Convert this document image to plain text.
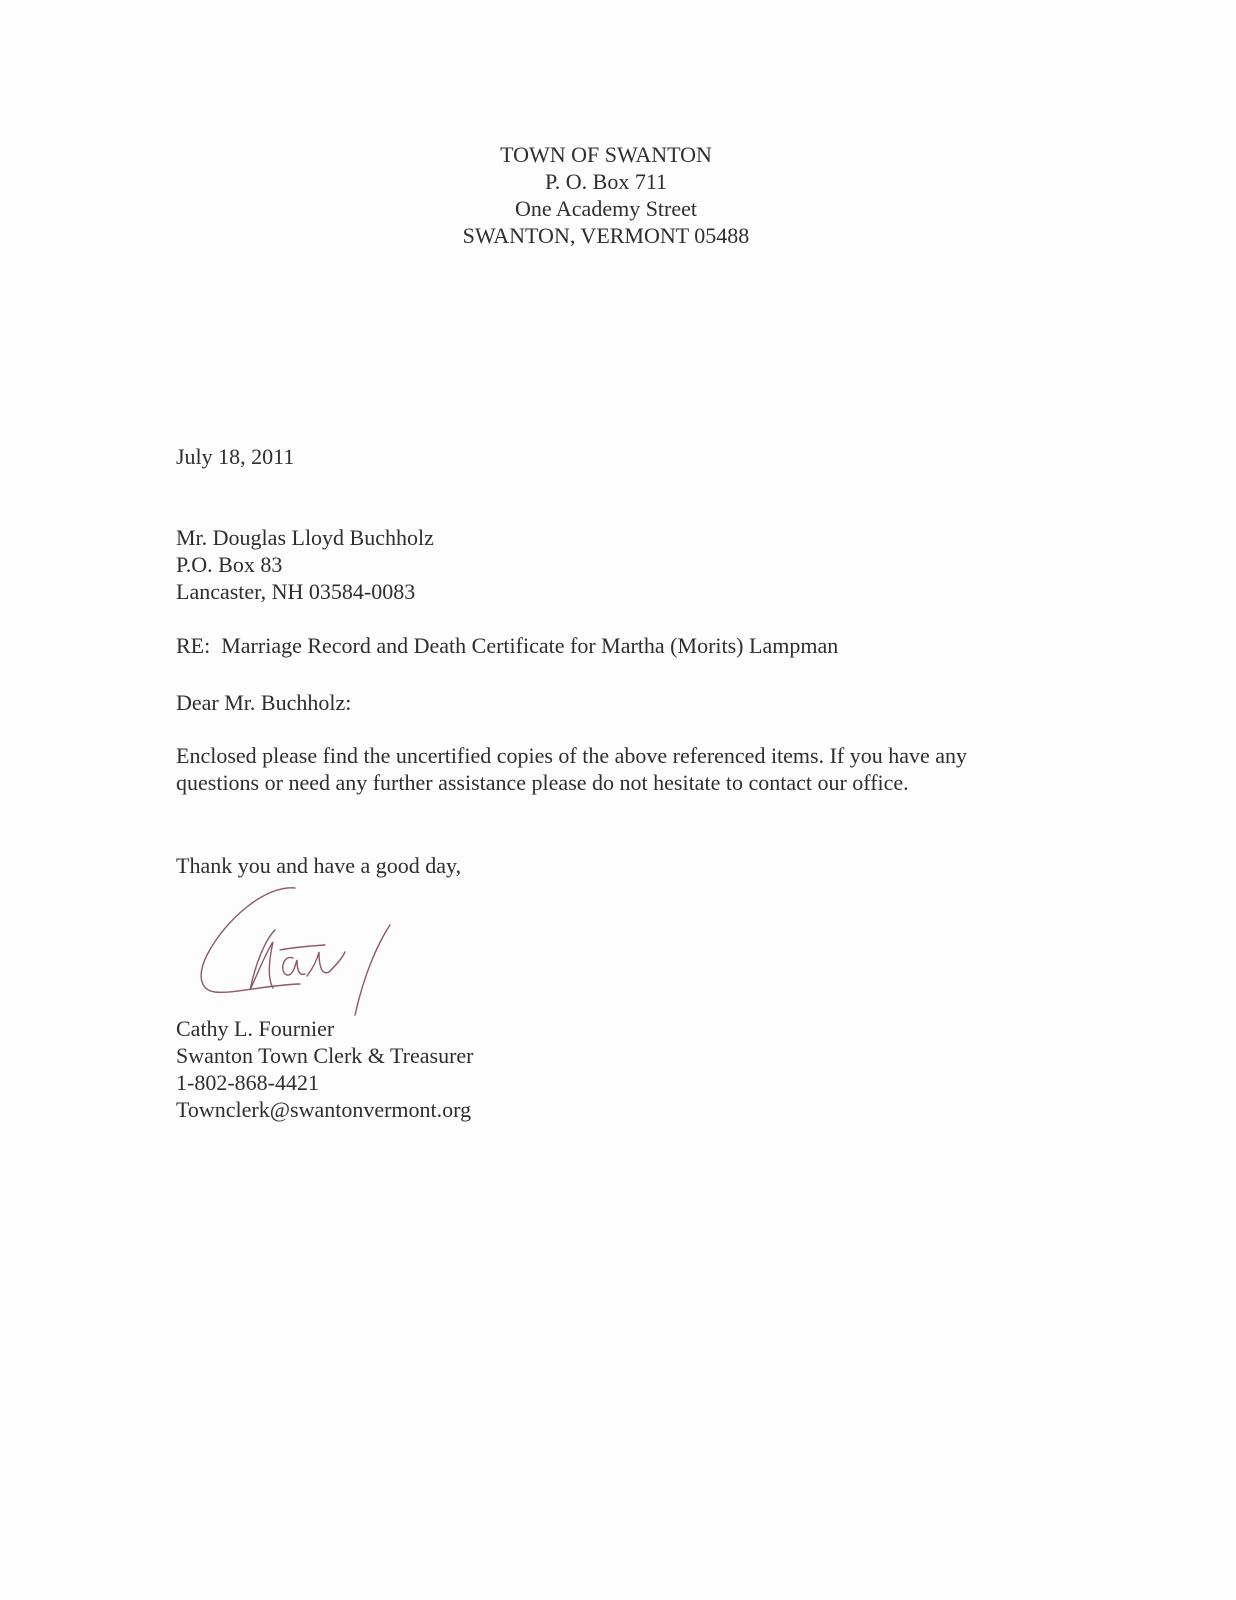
TOWN OF SWANTON
P. O. Box 711
One Academy Street
SWANTON, VERMONT 05488
July 18, 2011
Mr. Douglas Lloyd Buchholz
P.O. Box 83
Lancaster, NH 03584-0083
RE:  Marriage Record and Death Certificate for Martha (Morits) Lampman
Dear Mr. Buchholz:
Enclosed please find the uncertified copies of the above referenced items. If you have any
questions or need any further assistance please do not hesitate to contact our office.
Thank you and have a good day,
Cathy L. Fournier
Swanton Town Clerk & Treasurer
1-802-868-4421
Townclerk@swantonvermont.org
